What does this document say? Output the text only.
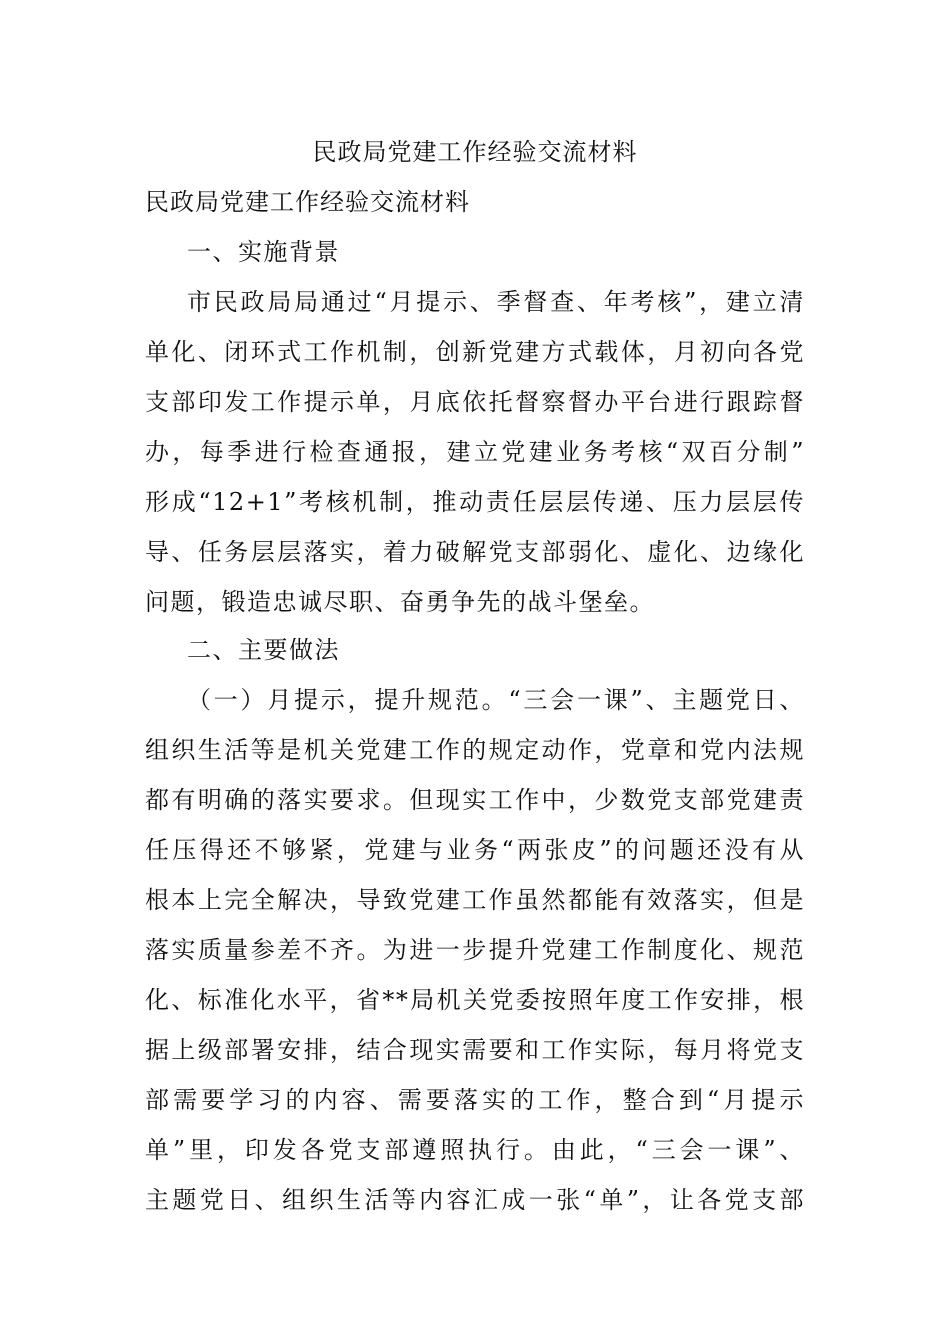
民政局党建工作经验交流材料
民政局党建工作经验交流材料
一、实施背景
市民政局局通过“月提示、季督查、年考核”，建立清
单化、闭环式工作机制，创新党建方式载体，月初向各党
支部印发工作提示单，月底依托督察督办平台进行跟踪督
办，每季进行检查通报，建立党建业务考核“双百分制”
形成“12+1”考核机制，推动责任层层传递、压力层层传
导、任务层层落实，着力破解党支部弱化、虚化、边缘化
问题，锻造忠诚尽职、奋勇争先的战斗堡垒。
二、主要做法
（一）月提示，提升规范。“三会一课”、主题党日、
组织生活等是机关党建工作的规定动作，党章和党内法规
都有明确的落实要求。但现实工作中，少数党支部党建责
任压得还不够紧，党建与业务“两张皮”的问题还没有从
根本上完全解决，导致党建工作虽然都能有效落实，但是
落实质量参差不齐。为进一步提升党建工作制度化、规范
化、标准化水平，省**局机关党委按照年度工作安排，根
据上级部署安排，结合现实需要和工作实际，每月将党支
部需要学习的内容、需要落实的工作，整合到“月提示
单”里，印发各党支部遵照执行。由此，“三会一课”、
主题党日、组织生活等内容汇成一张“单”，让各党支部
